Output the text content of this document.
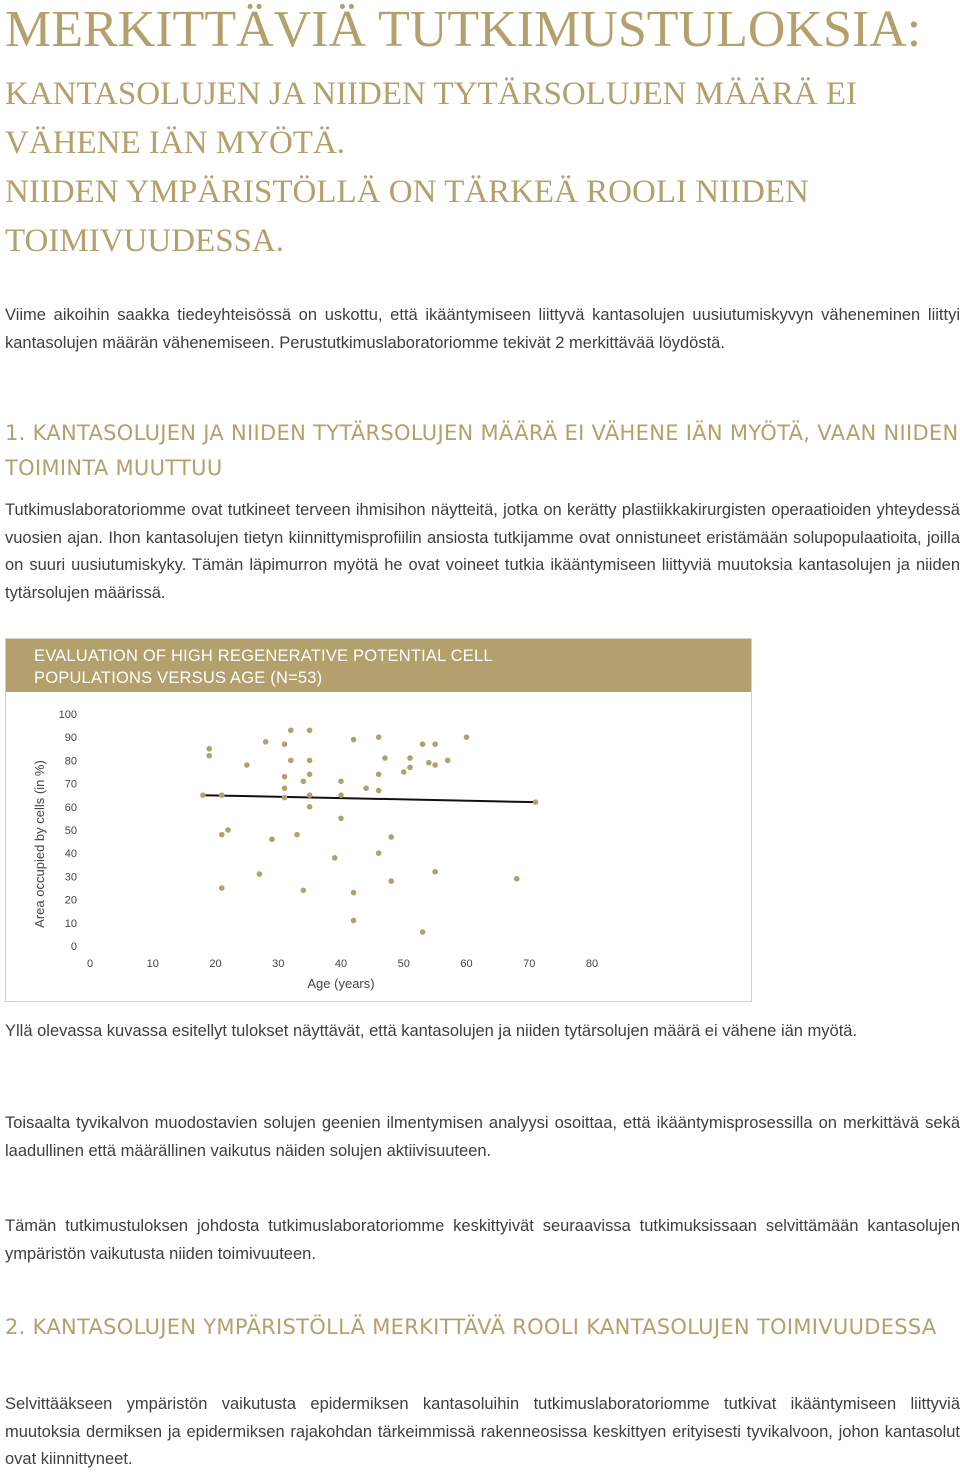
MERKITTÄVIÄ TUTKIMUSTULOKSIA:
KANTASOLUJEN JA NIIDEN TYTÄRSOLUJEN MÄÄRÄ EI
VÄHENE IÄN MYÖTÄ.
NIIDEN YMPÄRISTÖLLÄ ON TÄRKEÄ ROOLI NIIDEN
TOIMIVUUDESSA.

Viime aikoihin saakka tiedeyhteisössä on uskottu, että ikääntymiseen liittyvä kantasolujen uusiutumiskyvyn väheneminen liittyi kantasolujen määrän vähenemiseen. Perustutkimuslaboratoriomme tekivät 2 merkittävää löydöstä.

1. KANTASOLUJEN JA NIIDEN TYTÄRSOLUJEN MÄÄRÄ EI VÄHENE IÄN MYÖTÄ, VAAN NIIDEN TOIMINTA MUUTTUU

Tutkimuslaboratoriomme ovat tutkineet terveen ihmisihon näytteitä, jotka on kerätty plastiikkakirurgisten operaatioiden yhteydessä vuosien ajan. Ihon kantasolujen tietyn kiinnittymisprofiilin ansiosta tutkijamme ovat onnistuneet eristämään solupopulaatioita, joilla on suuri uusiutumiskyky. Tämän läpimurron myötä he ovat voineet tutkia ikääntymiseen liittyviä muutoksia kantasolujen ja niiden tytärsolujen määrissä.

Yllä olevassa kuvassa esitellyt tulokset näyttävät, että kantasolujen ja niiden tytärsolujen määrä ei vähene iän myötä.

Toisaalta tyvikalvon muodostavien solujen geenien ilmentymisen analyysi osoittaa, että ikääntymisprosessilla on merkittävä sekä laadullinen että määrällinen vaikutus näiden solujen aktiivisuuteen.

Tämän tutkimustuloksen johdosta tutkimuslaboratoriomme keskittyivät seuraavissa tutkimuksissaan selvittämään kantasolujen ympäristön vaikutusta niiden toimivuuteen.

2. KANTASOLUJEN YMPÄRISTÖLLÄ MERKITTÄVÄ ROOLI KANTASOLUJEN TOIMIVUUDESSA

Selvittääkseen ympäristön vaikutusta epidermiksen kantasoluihin tutkimuslaboratoriomme tutkivat ikääntymiseen liittyviä muutoksia dermiksen ja epidermiksen rajakohdan tärkeimmissä rakenneosissa keskittyen erityisesti tyvikalvoon, johon kantasolut ovat kiinnittyneet.

EVALUATION OF HIGH REGENERATIVE POTENTIAL CELL
POPULATIONS VERSUS AGE (N=53)
0
10
20
30
40
50
60
70
80
90
100
0	10	20	30	40	50	60	70	80
Age (years)
Area occupied by cells (in %)
